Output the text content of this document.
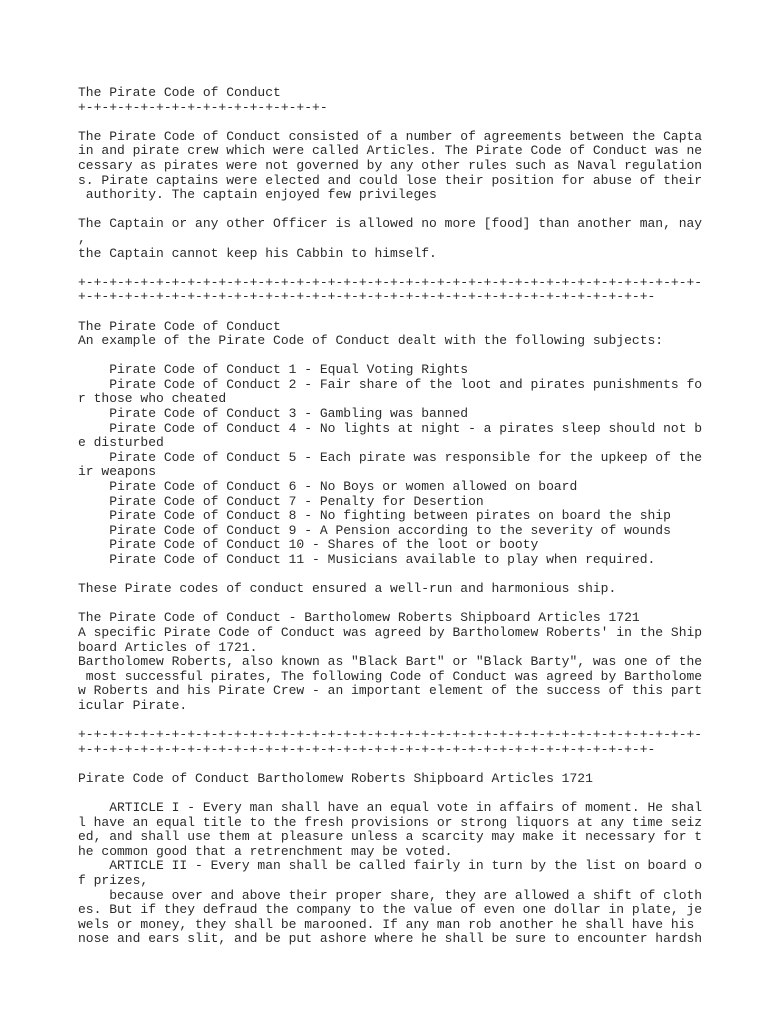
The Pirate Code of Conduct
+-+-+-+-+-+-+-+-+-+-+-+-+-+-+-+-
The Pirate Code of Conduct consisted of a number of agreements between the Capta
in and pirate crew which were called Articles. The Pirate Code of Conduct was ne
cessary as pirates were not governed by any other rules such as Naval regulation
s. Pirate captains were elected and could lose their position for abuse of their
authority. The captain enjoyed few privileges
The Captain or any other Officer is allowed no more [food] than another man, nay
,
the Captain cannot keep his Cabbin to himself.
+-+-+-+-+-+-+-+-+-+-+-+-+-+-+-+-+-+-+-+-+-+-+-+-+-+-+-+-+-+-+-+-+-+-+-+-+-+-+-+-
+-+-+-+-+-+-+-+-+-+-+-+-+-+-+-+-+-+-+-+-+-+-+-+-+-+-+-+-+-+-+-+-+-+-+-+-+-
The Pirate Code of Conduct
An example of the Pirate Code of Conduct dealt with the following subjects:
Pirate Code of Conduct 1 - Equal Voting Rights
Pirate Code of Conduct 2 - Fair share of the loot and pirates punishments fo
r those who cheated
Pirate Code of Conduct 3 - Gambling was banned
Pirate Code of Conduct 4 - No lights at night - a pirates sleep should not b
e disturbed
Pirate Code of Conduct 5 - Each pirate was responsible for the upkeep of the
ir weapons
Pirate Code of Conduct 6 - No Boys or women allowed on board
Pirate Code of Conduct 7 - Penalty for Desertion
Pirate Code of Conduct 8 - No fighting between pirates on board the ship
Pirate Code of Conduct 9 - A Pension according to the severity of wounds
Pirate Code of Conduct 10 - Shares of the loot or booty
Pirate Code of Conduct 11 - Musicians available to play when required.
These Pirate codes of conduct ensured a well-run and harmonious ship.
The Pirate Code of Conduct - Bartholomew Roberts Shipboard Articles 1721
A specific Pirate Code of Conduct was agreed by Bartholomew Roberts' in the Ship
board Articles of 1721.
Bartholomew Roberts, also known as "Black Bart" or "Black Barty", was one of the
most successful pirates, The following Code of Conduct was agreed by Bartholome
w Roberts and his Pirate Crew - an important element of the success of this part
icular Pirate.
+-+-+-+-+-+-+-+-+-+-+-+-+-+-+-+-+-+-+-+-+-+-+-+-+-+-+-+-+-+-+-+-+-+-+-+-+-+-+-+-
+-+-+-+-+-+-+-+-+-+-+-+-+-+-+-+-+-+-+-+-+-+-+-+-+-+-+-+-+-+-+-+-+-+-+-+-+-
Pirate Code of Conduct Bartholomew Roberts Shipboard Articles 1721
ARTICLE I - Every man shall have an equal vote in affairs of moment. He shal
l have an equal title to the fresh provisions or strong liquors at any time seiz
ed, and shall use them at pleasure unless a scarcity may make it necessary for t
he common good that a retrenchment may be voted.
ARTICLE II - Every man shall be called fairly in turn by the list on board o
f prizes,
because over and above their proper share, they are allowed a shift of cloth
es. But if they defraud the company to the value of even one dollar in plate, je
wels or money, they shall be marooned. If any man rob another he shall have his
nose and ears slit, and be put ashore where he shall be sure to encounter hardsh
